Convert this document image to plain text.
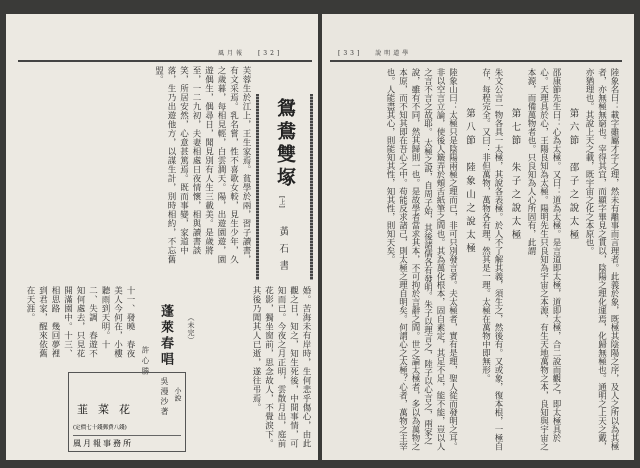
風月報 [32]
芙蓉生於江上，王生家焉。貧學於兩，習子讀書，有文采焉。乳名嘗，性不喜歌女較，見生少年，久之歲暮，每相見輕，白雲澗天。陽，出遊園遊，園遊偶生，偶尋日，聞見別有人生三載美。是歲將至，一二九初，夫妻相處日夜情懷，相與讀書談笑，所居安然，心意甚篤焉。既而事變，家道中落，生乃出遊他方，以謀生計，別時相約，不忘舊盟。
鴛鴦雙塚
[上]
黃石書
婚。苦海未有岸時，生何悲乎傷心，由此觀之日，知之，知生死後，中間事情，可知而已。今夜之月正明，雲散月出，庭前花影，獨坐窗前，思念故人，不覺淚下。其後乃聞其人已逝，遂往弔焉。
（未完）
蓬萊春唱
許心勝
十一、發曉　春夜美人今何在，小樓聽雨到天明。十二、失調　春遊不知何處去，只見花開滿園中。十三、相思路　幾回夢裡到君家，醒來依舊在天涯。
吳漫沙著 小說
韮菜花
(定價七十錢郵費八錢)
風月報事務所
[33] 說明道學
陸象名曰：載字雖屬才字之理，然未有離事而言理者。此義於象，既極其陰陽之序，及人之所以為其極者，亦無極無窮也。宰得其宜，而顯字畢見之貫以，陰陽之理化運焉，化歸無極也。通明之上天之戴，亦猶理也。其說上天之載，既宇宙之化之本原也。
第六節　邵子之說太極
邵康節先生曰：心為太極。又曰：道為太極。是言道即太極，道即太極，合二說而觀之，即太極具於心。天理具於心，王陽良知為太極。陽明先生只良知為宇宙之本源，有生天地萬物之本，良知與宇宙之本源，而備萬物者也。只良知為人心所固有，此謂
第七節　朱子之說太極
朱文公言一物各具一太極，其說各表極。於人不了解其義，須生之，然後有。又或象，復本根，一極自存，每程完全。又曰：非但萬物，萬物各有理，然其是一理。太極在萬物中即無形。
第八節　陸象山之說太極
陸象山曰：太極只是陰陽兩極之理而已，非可只別發言者。夫太極者，實有是理，聖人從而發明之耳。非以空言立論，使後人簸弄於頰舌紙筆之間也。其為萬化根本，固自素定，其足不足，能不能，豈以人之言不言之故耶。 太極之說，自周子始，其後諸儒各有發明。朱子以理言之，陸子以心言之，兩家之說，雖有不同，然其歸則一也。是故學者當求其本，不可拘於言辭之間。世之論太極者，多以為萬物之本原，而不知其即在吾心之中。苟能反求諸己，則太極之理自明矣。何謂心之太極？心者，萬物之主宰也。人能盡其心，則能知其性，知其性，則知天矣。
